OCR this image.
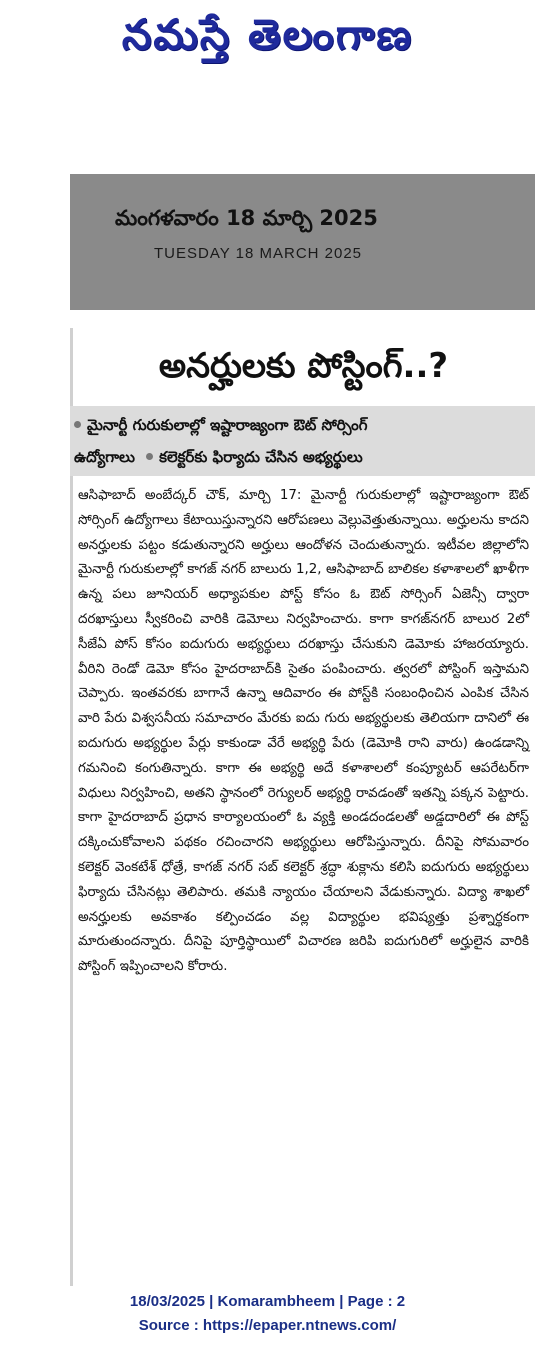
నమస్తే తెలంగాణ
మంగళవారం 18 మార్చి 2025
TUESDAY 18 MARCH 2025
అనర్హులకు పోస్టింగ్..?
మైనార్టీ గురుకులాల్లో ఇష్టారాజ్యంగా ఔట్ సోర్సింగ్
ఉద్యోగాలు కలెక్టర్‌కు ఫిర్యాదు చేసిన అభ్యర్థులు

ఆసిఫాబాద్ అంబేద్కర్ చౌక్, మార్చి 17: మైనార్టీ గురుకులాల్లో ఇష్టారాజ్యంగా ఔట్ సోర్సింగ్ ఉద్యోగాలు కేటాయిస్తున్నారని ఆరోపణలు వెల్లువెత్తుతున్నాయి. అర్హులను కాదని అనర్హులకు పట్టం కడుతున్నారని అర్హులు ఆందోళన చెందుతున్నారు. ఇటీవల జిల్లాలోని మైనార్టీ గురుకులాల్లో కాగజ్ నగర్ బాలురు 1,2, ఆసిఫాబాద్ బాలికల కళాశాలలో ఖాళీగా ఉన్న పలు జూనియర్ అధ్యాపకుల పోస్ట్ కోసం ఓ ఔట్ సోర్సింగ్ ఏజెన్సీ ద్వారా దరఖాస్తులు స్వీకరించి వారికి డెమోలు నిర్వహించారు. కాగా కాగజ్‌నగర్ బాలుర 2లో సీజేఏ పోస్ కోసం ఐదుగురు అభ్యర్థులు దరఖాస్తు చేసుకుని డెమోకు హాజరయ్యారు. వీరిని రెండో డెమో కోసం హైదరాబాద్‌కి సైతం పంపించారు. త్వరలో పోస్టింగ్ ఇస్తామని చెప్పారు. ఇంతవరకు బాగానే ఉన్నా ఆదివారం ఈ పోస్ట్‌కి సంబంధించిన ఎంపిక చేసిన వారి పేరు విశ్వసనీయ సమాచారం మేరకు ఐదు గురు అభ్యర్థులకు తెలియగా దానిలో ఈ ఐదుగురు అభ్యర్థుల పేర్లు కాకుండా వేరే అభ్యర్థి పేరు (డెమోకి రాని వారు) ఉండడాన్ని గమనించి కంగుతిన్నారు. కాగా ఈ అభ్యర్థి అదే కళాశాలలో కంప్యూటర్ ఆపరేటర్‌గా విధులు నిర్వహించి, అతని స్థానంలో రెగ్యులర్ అభ్యర్థి రావడంతో ఇతన్ని పక్కన పెట్టారు. కాగా హైదరాబాద్ ప్రధాన కార్యాలయంలో ఓ వ్యక్తి అండదండలతో అడ్డదారిలో ఈ పోస్ట్ దక్కించుకోవాలని పథకం రచించారని అభ్యర్థులు ఆరోపిస్తున్నారు. దీనిపై సోమవారం కలెక్టర్ వెంకటేశ్ ధోత్రే, కాగజ్ నగర్ సబ్ కలెక్టర్ శ్రద్ధా శుక్లాను కలిసి ఐదుగురు అభ్యర్థులు ఫిర్యాదు చేసినట్లు తెలిపారు. తమకి న్యాయం చేయాలని వేడుకున్నారు. విద్యా శాఖలో అనర్హులకు అవకాశం కల్పించడం వల్ల విద్యార్థుల భవిష్యత్తు ప్రశ్నార్థకంగా మారుతుందన్నారు. దీనిపై పూర్తిస్థాయిలో విచారణ జరిపి ఐదుగురిలో అర్హులైన వారికి పోస్టింగ్ ఇప్పించాలని కోరారు.

18/03/2025 | Komarambheem | Page : 2
Source : https://epaper.ntnews.com/
